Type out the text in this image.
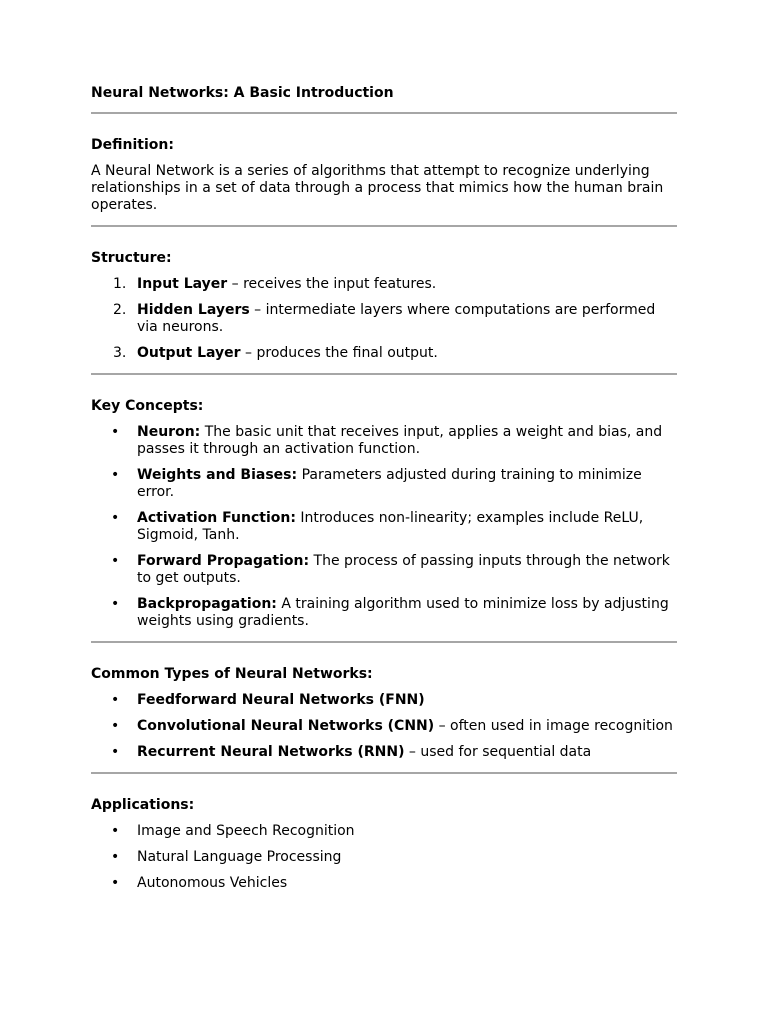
Neural Networks: A Basic Introduction
Definition:

A Neural Network is a series of algorithms that attempt to recognize underlying relationships in a set of data through a process that mimics how the human brain operates.

Structure:
1. Input Layer – receives the input features.
2. Hidden Layers – intermediate layers where computations are performed via neurons.
3. Output Layer – produces the final output.
Key Concepts:
• Neuron: The basic unit that receives input, applies a weight and bias, and passes it through an activation function.
• Weights and Biases: Parameters adjusted during training to minimize error.
• Activation Function: Introduces non-linearity; examples include ReLU, Sigmoid, Tanh.
• Forward Propagation: The process of passing inputs through the network to get outputs.
• Backpropagation: A training algorithm used to minimize loss by adjusting weights using gradients.
Common Types of Neural Networks:
• Feedforward Neural Networks (FNN)
• Convolutional Neural Networks (CNN) – often used in image recognition
• Recurrent Neural Networks (RNN) – used for sequential data
Applications:
• Image and Speech Recognition
• Natural Language Processing
• Autonomous Vehicles
